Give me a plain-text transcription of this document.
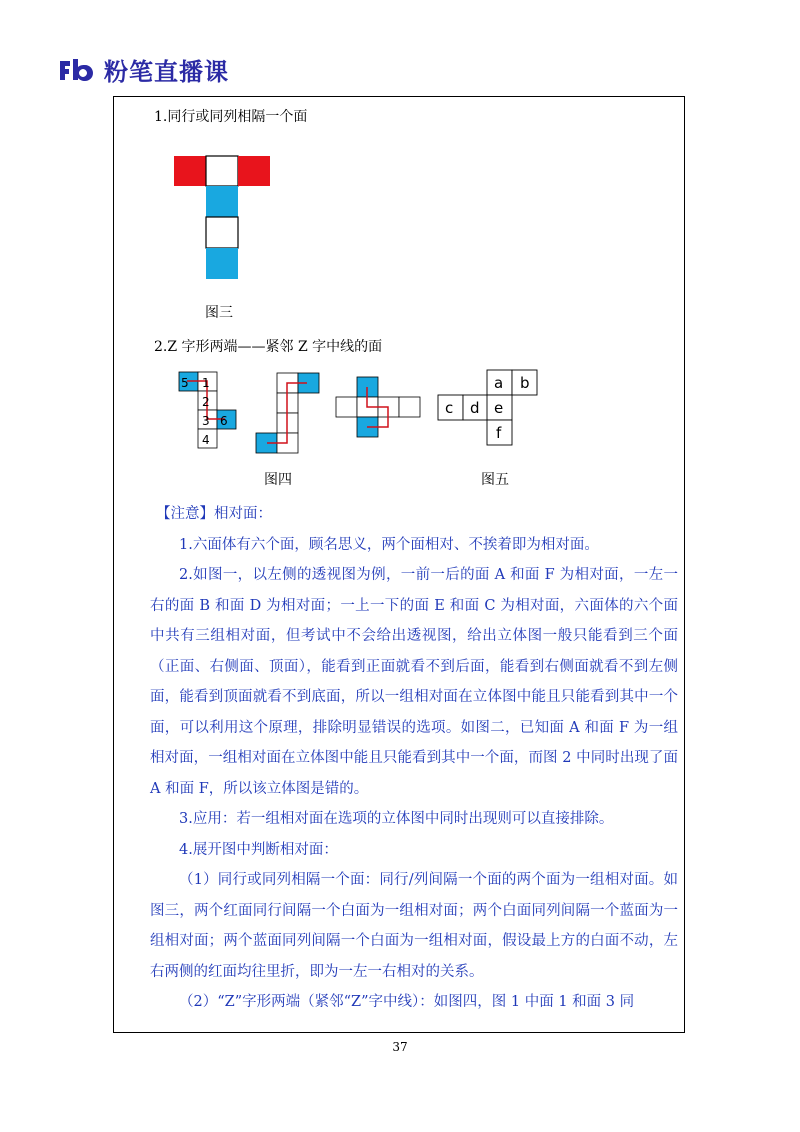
粉笔直播课
1.同行或同列相隔一个面
图三
2.Z 字形两端——紧邻 Z 字中线的面
5 1
2
3 6
4
a b
c d e
f
图四	图五

【注意】相对面：

1.六面体有六个面，顾名思义，两个面相对、不挨着即为相对面。

2.如图一，以左侧的透视图为例，一前一后的面 A 和面 F 为相对面，一左一右的面 B 和面 D 为相对面；一上一下的面 E 和面 C 为相对面，六面体的六个面中共有三组相对面，但考试中不会给出透视图，给出立体图一般只能看到三个面（正面、右侧面、顶面），能看到正面就看不到后面，能看到右侧面就看不到左侧面，能看到顶面就看不到底面，所以一组相对面在立体图中能且只能看到其中一个面，可以利用这个原理，排除明显错误的选项。如图二，已知面 A 和面 F 为一组相对面，一组相对面在立体图中能且只能看到其中一个面，而图 2 中同时出现了面 A 和面 F，所以该立体图是错的。

3.应用：若一组相对面在选项的立体图中同时出现则可以直接排除。

4.展开图中判断相对面：

（1）同行或同列相隔一个面：同行/列间隔一个面的两个面为一组相对面。如图三，两个红面同行间隔一个白面为一组相对面；两个白面同列间隔一个蓝面为一组相对面；两个蓝面同列间隔一个白面为一组相对面，假设最上方的白面不动，左右两侧的红面均往里折，即为一左一右相对的关系。

（2）“Z”字形两端（紧邻“Z”字中线）：如图四，图 1 中面 1 和面 3 同

37
